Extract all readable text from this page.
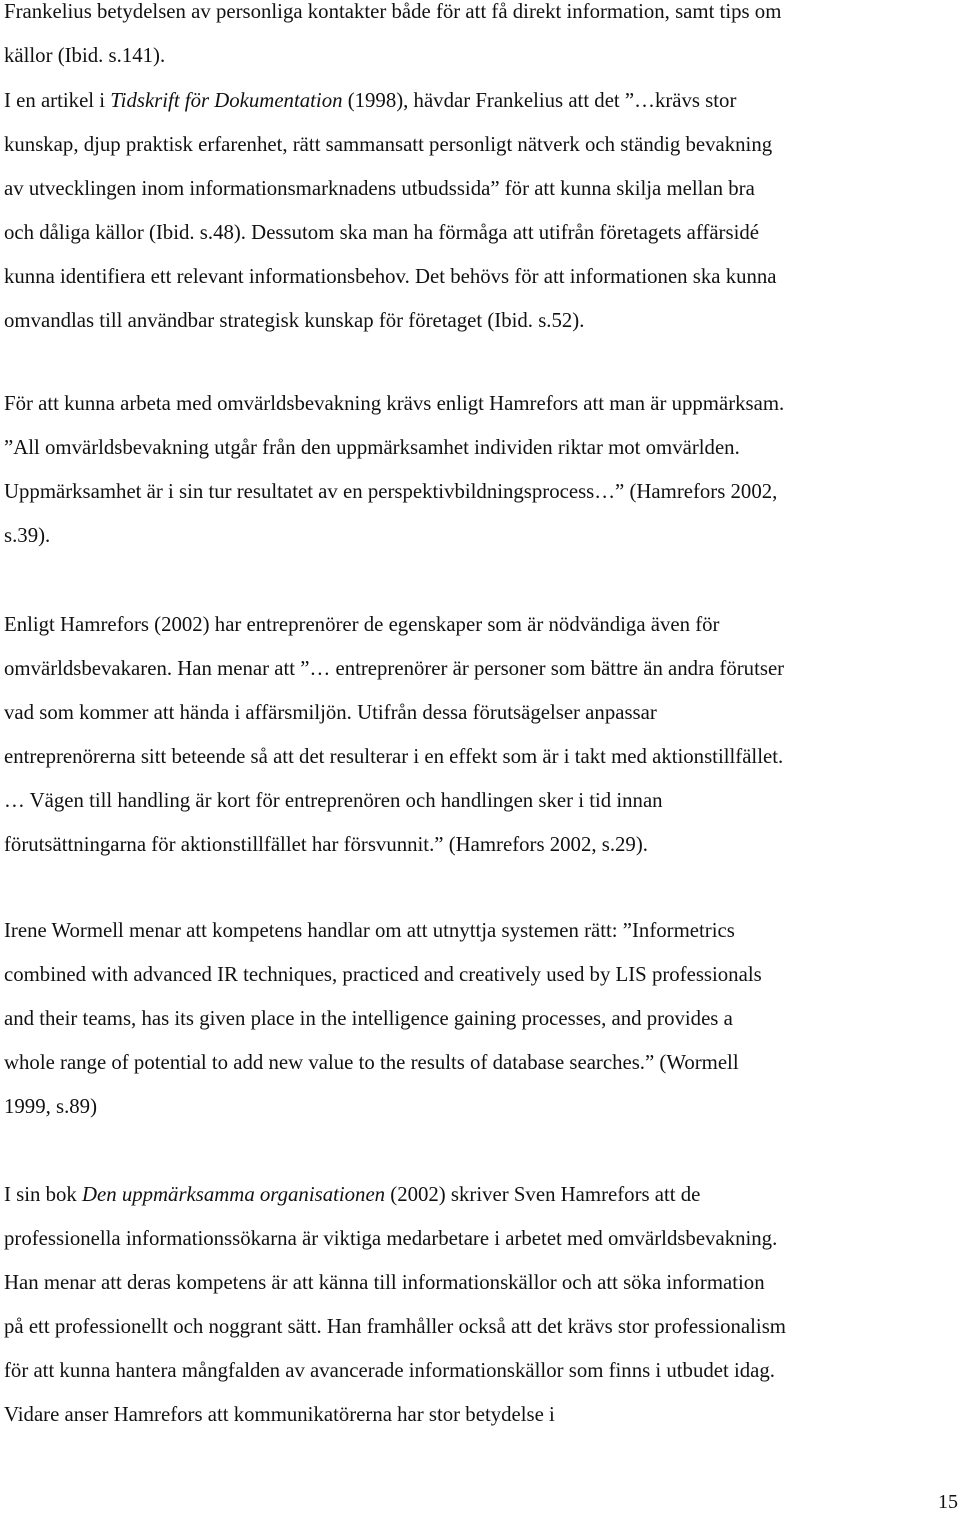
Frankelius betydelsen av personliga kontakter både för att få direkt information, samt tips om
källor (Ibid. s.141).
I en artikel i Tidskrift för Dokumentation (1998), hävdar Frankelius att det ”…krävs stor
kunskap, djup praktisk erfarenhet, rätt sammansatt personligt nätverk och ständig bevakning
av utvecklingen inom informationsmarknadens utbudssida” för att kunna skilja mellan bra
och dåliga källor (Ibid. s.48). Dessutom ska man ha förmåga att utifrån företagets affärsidé
kunna identifiera ett relevant informationsbehov. Det behövs för att informationen ska kunna
omvandlas till användbar strategisk kunskap för företaget (Ibid. s.52).
För att kunna arbeta med omvärldsbevakning krävs enligt Hamrefors att man är uppmärksam.
”All omvärldsbevakning utgår från den uppmärksamhet individen riktar mot omvärlden.
Uppmärksamhet är i sin tur resultatet av en perspektivbildningsprocess…” (Hamrefors 2002,
s.39).
Enligt Hamrefors (2002) har entreprenörer de egenskaper som är nödvändiga även för
omvärldsbevakaren. Han menar att ”… entreprenörer är personer som bättre än andra förutser
vad som kommer att hända i affärsmiljön. Utifrån dessa förutsägelser anpassar
entreprenörerna sitt beteende så att det resulterar i en effekt som är i takt med aktionstillfället.
… Vägen till handling är kort för entreprenören och handlingen sker i tid innan
förutsättningarna för aktionstillfället har försvunnit.” (Hamrefors 2002, s.29).
Irene Wormell menar att kompetens handlar om att utnyttja systemen rätt: ”Informetrics
combined with advanced IR techniques, practiced and creatively used by LIS professionals
and their teams, has its given place in the intelligence gaining processes, and provides a
whole range of potential to add new value to the results of database searches.” (Wormell
1999, s.89)
I sin bok Den uppmärksamma organisationen (2002) skriver Sven Hamrefors att de
professionella informationssökarna är viktiga medarbetare i arbetet med omvärldsbevakning.
Han menar att deras kompetens är att känna till informationskällor och att söka information
på ett professionellt och noggrant sätt. Han framhåller också att det krävs stor professionalism
för att kunna hantera mångfalden av avancerade informationskällor som finns i utbudet idag.
Vidare anser Hamrefors att kommunikatörerna har stor betydelse i
15
